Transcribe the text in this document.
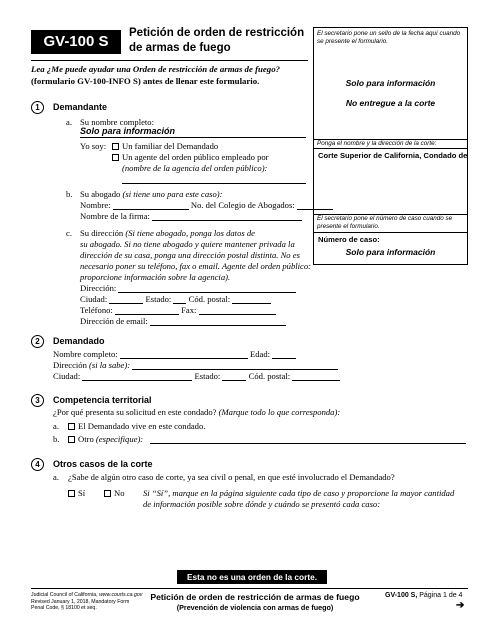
GV-100 S	Petición de orden de restricción
de armas de fuego
Lea ¿Me puede ayudar una Orden de restricción de armas de fuego?
(formulario GV-100-INFO S) antes de llenar este formulario.
El secretario pone un sello de la fecha aquí cuando se presente el formulario.
Solo para información
No entregue a la corte
Ponga el nombre y la dirección de la corte:
Corte Superior de California, Condado de
El secretario pone el número de caso cuando se presente el formulario.
Número de caso:
Solo para información
1	Demandante
a. Su nombre completo:
Solo para información
Yo soy:	Un familiar del Demandado
Un agente del orden público empleado por
(nombre de la agencia del orden público):
b. Su abogado (si tiene uno para este caso):
Nombre:	No. del Colegio de Abogados:
Nombre de la firma:
c. Su dirección (Si tiene abogado, ponga los datos de
su abogado. Si no tiene abogado y quiere mantener privada la
dirección de su casa, ponga una dirección postal distinta. No es
necesario poner su teléfono, fax o email. Agente del orden público:
proporcione información sobre la agencia).
Dirección:
Ciudad:	Estado: Cód. postal:
Teléfono:	Fax:
Dirección de email:
2	Demandado
Nombre completo:	Edad:
Dirección (si la sabe):
Ciudad:	Estado:	Cód. postal:
3	Competencia territorial
¿Por qué presenta su solicitud en este condado? (Marque todo lo que corresponda):
a.	El Demandado vive en este condado.
b.	Otro (especifique):
4	Otros casos de la corte
a. ¿Sabe de algún otro caso de corte, ya sea civil o penal, en que esté involucrado el Demandado?
Sí	No Si “Sí”, marque en la página siguiente cada tipo de caso y proporcione la mayor cantidad
de información posible sobre dónde y cuándo se presentó cada caso:
Esta no es una orden de la corte.
Judicial Council of California, www.courts.ca.gov
Revised January 1, 2018, Mandatory Form
Penal Code, § 18100 et seq.
Petición de orden de restricción de armas de fuego
(Prevención de violencia con armas de fuego)
GV-100 S, Página 1 de 4
➔
